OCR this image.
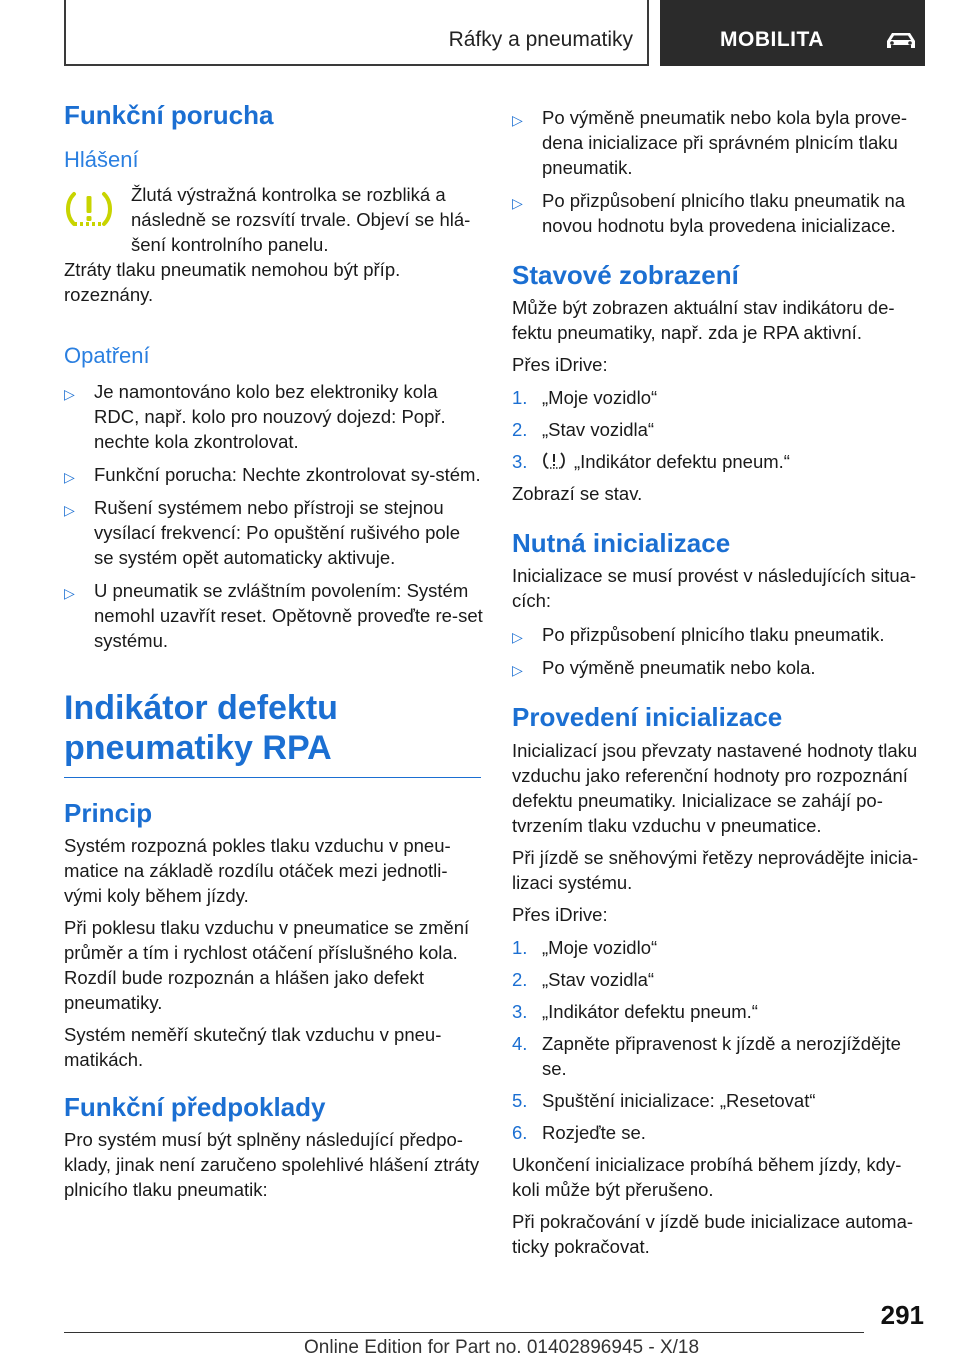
Ráfky a pneumatiky	MOBILITA
Funkční porucha
Hlášení

Žlutá výstražná kontrolka se rozbliká a následně se rozsvítí trvale. Objeví se hlá-šení kontrolního panelu.

Ztráty tlaku pneumatik nemohou být příp. rozeznány.

Opatření
▷ Je namontováno kolo bez elektroniky kola RDC, např. kolo pro nouzový dojezd: Popř. nechte kola zkontrolovat.
▷ Funkční porucha: Nechte zkontrolovat sy-stém.
▷ Rušení systémem nebo přístroji se stejnou vysílací frekvencí: Po opuštění rušivého pole se systém opět automaticky aktivuje.
▷ U pneumatik se zvláštním povolením: Systém nemohl uzavřít reset. Opětovně proveďte re-set systému.
Indikátor defektu
pneumatiky RPA
Princip

Systém rozpozná pokles tlaku vzduchu v pneu-matice na základě rozdílu otáček mezi jednotli-vými koly během jízdy.

Při poklesu tlaku vzduchu v pneumatice se změní průměr a tím i rychlost otáčení příslušného kola. Rozdíl bude rozpoznán a hlášen jako defekt pneumatiky.

Systém neměří skutečný tlak vzduchu v pneu-matikách.

Funkční předpoklady

Pro systém musí být splněny následující předpo-klady, jinak není zaručeno spolehlivé hlášení ztráty plnicího tlaku pneumatik:

▷ Po výměně pneumatik nebo kola byla prove-dena inicializace při správném plnicím tlaku pneumatik.
▷ Po přizpůsobení plnicího tlaku pneumatik na novou hodnotu byla provedena inicializace.
Stavové zobrazení

Může být zobrazen aktuální stav indikátoru de-fektu pneumatiky, např. zda je RPA aktivní.

Přes iDrive:

1. „Moje vozidlo“
2. „Stav vozidla“
3.	„Indikátor defektu pneum.“

Zobrazí se stav.

Nutná inicializace

Inicializace se musí provést v následujících situa-cích:

▷ Po přizpůsobení plnicího tlaku pneumatik.
▷ Po výměně pneumatik nebo kola.
Provedení inicializace

Inicializací jsou převzaty nastavené hodnoty tlaku vzduchu jako referenční hodnoty pro rozpoznání defektu pneumatiky. Inicializace se zahájí po-tvrzením tlaku vzduchu v pneumatice.

Při jízdě se sněhovými řetězy neprovádějte inicia-lizaci systému.

Přes iDrive:

1. „Moje vozidlo“
2. „Stav vozidla“
3. „Indikátor defektu pneum.“
4. Zapněte připravenost k jízdě a nerozjíždějte se.
5. Spuštění inicializace: „Resetovat“
6. Rozjeďte se.

Ukončení inicializace probíhá během jízdy, kdy-koli může být přerušeno.

Při pokračování v jízdě bude inicializace automa-ticky pokračovat.

291
Online Edition for Part no. 01402896945 - X/18
